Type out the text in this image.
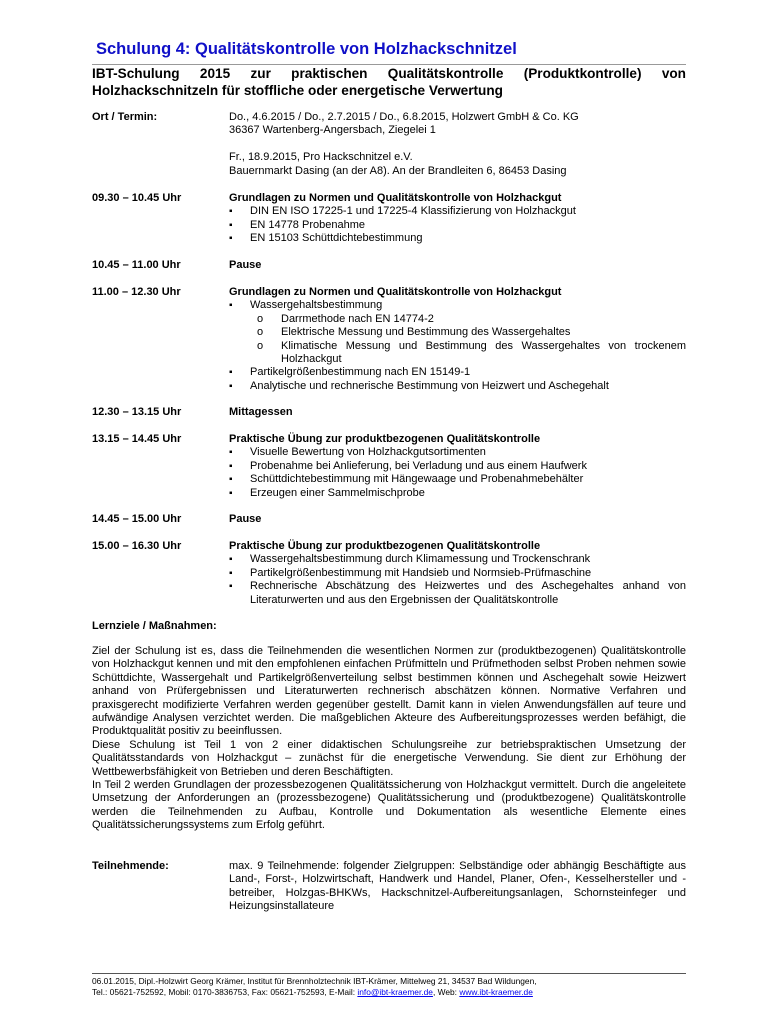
Schulung 4: Qualitätskontrolle von Holzhackschnitzel
IBT-Schulung 2015 zur praktischen Qualitätskontrolle (Produktkontrolle) von Holzhackschnitzeln für stoffliche oder energetische Verwertung
Ort / Termin:	Do., 4.6.2015 / Do., 2.7.2015 / Do., 6.8.2015, Holzwert GmbH & Co. KG

36367 Wartenberg-Angersbach, Ziegelei 1

Fr., 18.9.2015, Pro Hackschnitzel e.V.

Bauernmarkt Dasing (an der A8). An der Brandleiten 6, 86453 Dasing

09.30 – 10.45 Uhr	Grundlagen zu Normen und Qualitätskontrolle von Holzhackgut
▪ DIN EN ISO 17225-1 und 17225-4 Klassifizierung von Holzhackgut
▪ EN 14778 Probenahme
▪ EN 15103 Schüttdichtebestimmung
10.45 – 11.00 Uhr	Pause
11.00 – 12.30 Uhr	Grundlagen zu Normen und Qualitätskontrolle von Holzhackgut
▪ Wassergehaltsbestimmung
o Darrmethode nach EN 14774-2
o Elektrische Messung und Bestimmung des Wassergehaltes
o Klimatische Messung und Bestimmung des Wassergehaltes von trockenem Holzhackgut
▪ Partikelgrößenbestimmung nach EN 15149-1
▪ Analytische und rechnerische Bestimmung von Heizwert und Aschegehalt
12.30 – 13.15 Uhr	Mittagessen
13.15 – 14.45 Uhr	Praktische Übung zur produktbezogenen Qualitätskontrolle
▪ Visuelle Bewertung von Holzhackgutsortimenten
▪ Probenahme bei Anlieferung, bei Verladung und aus einem Haufwerk
▪ Schüttdichtebestimmung mit Hängewaage und Probenahmebehälter
▪ Erzeugen einer Sammelmischprobe
14.45 – 15.00 Uhr	Pause
15.00 – 16.30 Uhr	Praktische Übung zur produktbezogenen Qualitätskontrolle
▪ Wassergehaltsbestimmung durch Klimamessung und Trockenschrank
▪ Partikelgrößenbestimmung mit Handsieb und Normsieb-Prüfmaschine
▪ Rechnerische Abschätzung des Heizwertes und des Aschegehaltes anhand von Literaturwerten und aus den Ergebnissen der Qualitätskontrolle
Lernziele / Maßnahmen:

Ziel der Schulung ist es, dass die Teilnehmenden die wesentlichen Normen zur (produktbezogenen) Qualitätskontrolle von Holzhackgut kennen und mit den empfohlenen einfachen Prüfmitteln und Prüfmethoden selbst Proben nehmen sowie Schüttdichte, Wassergehalt und Partikelgrößenverteilung selbst bestimmen können und Aschegehalt sowie Heizwert anhand von Prüfergebnissen und Literaturwerten rechnerisch abschätzen können. Normative Verfahren und praxisgerecht modifizierte Verfahren werden gegenüber gestellt. Damit kann in vielen Anwendungsfällen auf teure und aufwändige Analysen verzichtet werden. Die maßgeblichen Akteure des Aufbereitungsprozesses werden befähigt, die Produktqualität positiv zu beeinflussen.

Diese Schulung ist Teil 1 von 2 einer didaktischen Schulungsreihe zur betriebspraktischen Umsetzung der Qualitätsstandards von Holzhackgut – zunächst für die energetische Verwendung. Sie dient zur Erhöhung der Wettbewerbsfähigkeit von Betrieben und deren Beschäftigten.

In Teil 2 werden Grundlagen der prozessbezogenen Qualitätssicherung von Holzhackgut vermittelt. Durch die angeleitete Umsetzung der Anforderungen an (prozessbezogene) Qualitätssicherung und (produktbezogene) Qualitätskontrolle werden die Teilnehmenden zu Aufbau, Kontrolle und Dokumentation als wesentliche Elemente eines Qualitätssicherungssystems zum Erfolg geführt.

Teilnehmende:	max. 9 Teilnehmende: folgender Zielgruppen: Selbständige oder abhängig Beschäftigte aus Land-, Forst-, Holzwirtschaft, Handwerk und Handel, Planer, Ofen-, Kesselhersteller und -betreiber, Holzgas-BHKWs, Hackschnitzel-Aufbereitungsanlagen, Schornsteinfeger und Heizungsinstallateure
06.01.2015, Dipl.-Holzwirt Georg Krämer, Institut für Brennholztechnik IBT-Krämer, Mittelweg 21, 34537 Bad Wildungen,
Tel.: 05621-752592, Mobil: 0170-3836753, Fax: 05621-752593, E-Mail: info@ibt-kraemer.de, Web: www.ibt-kraemer.de
